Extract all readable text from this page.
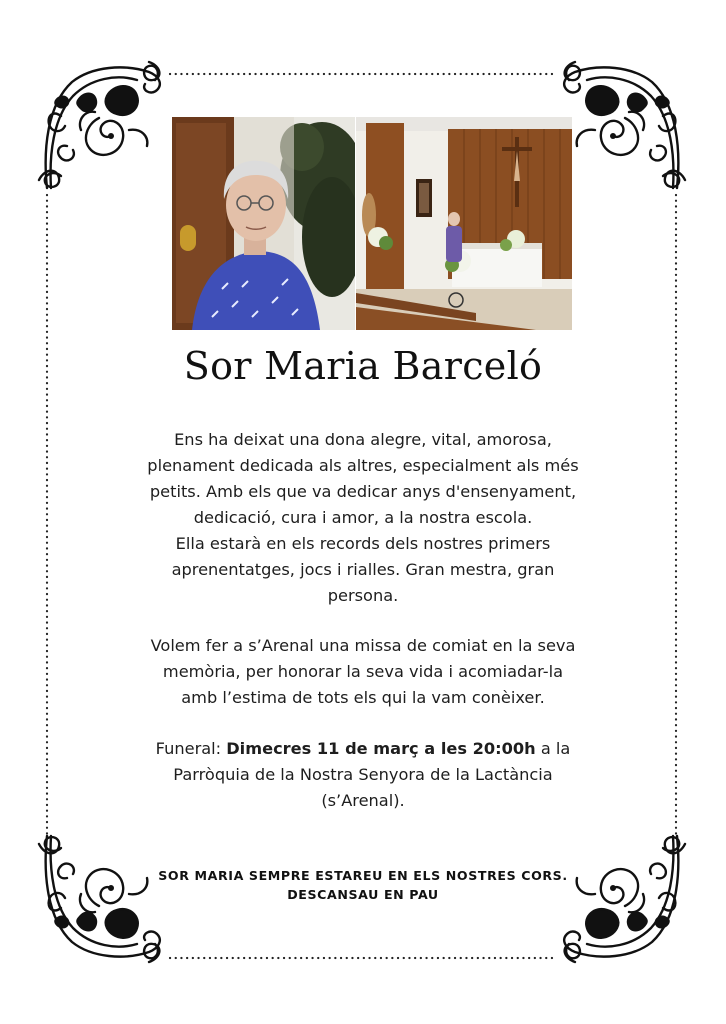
Sor Maria Barceló
Ens ha deixat una dona alegre, vital, amorosa,
plenament dedicada als altres, especialment als més
petits. Amb els que va dedicar anys d'ensenyament,
dedicació, cura i amor, a la nostra escola.
Ella estarà en els records dels nostres primers
aprenentatges, jocs i rialles. Gran mestra, gran
persona.
Volem fer a s’Arenal una missa de comiat en la seva
memòria, per honorar la seva vida i acomiadar-la
amb l’estima de tots els qui la vam conèixer.
Funeral: Dimecres 11 de març a les 20:00h a la
Parròquia de la Nostra Senyora de la Lactància
(s’Arenal).
SOR MARIA SEMPRE ESTAREU EN ELS NOSTRES CORS.
DESCANSAU EN PAU
